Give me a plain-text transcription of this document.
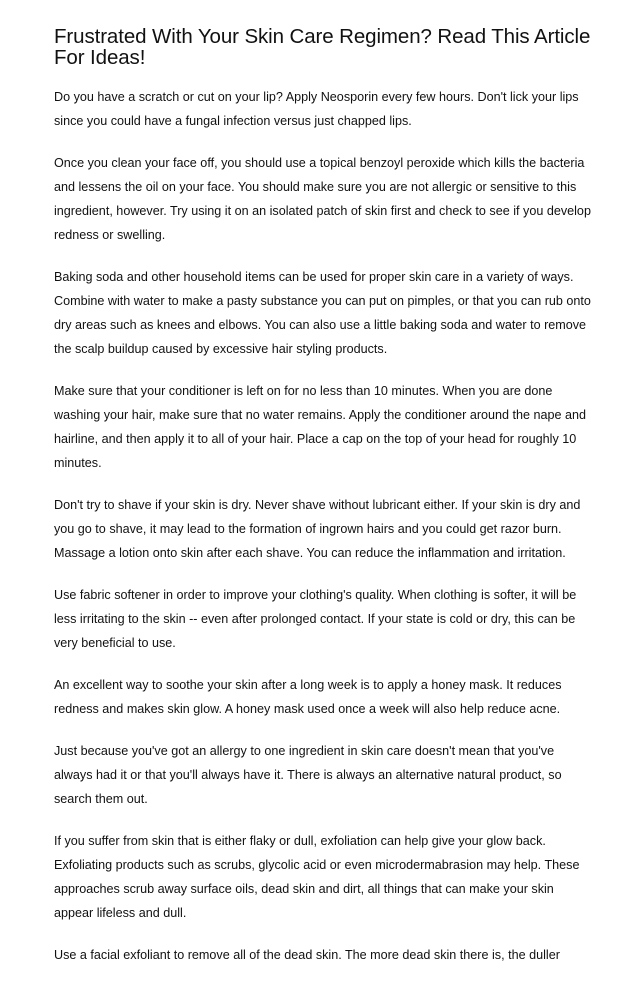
Frustrated With Your Skin Care Regimen? Read This Article For Ideas!

Do you have a scratch or cut on your lip? Apply Neosporin every few hours. Don't lick your lips since you could have a fungal infection versus just chapped lips.

Once you clean your face off, you should use a topical benzoyl peroxide which kills the bacteria and lessens the oil on your face. You should make sure you are not allergic or sensitive to this ingredient, however. Try using it on an isolated patch of skin first and check to see if you develop redness or swelling.

Baking soda and other household items can be used for proper skin care in a variety of ways. Combine with water to make a pasty substance you can put on pimples, or that you can rub onto dry areas such as knees and elbows. You can also use a little baking soda and water to remove the scalp buildup caused by excessive hair styling products.

Make sure that your conditioner is left on for no less than 10 minutes. When you are done washing your hair, make sure that no water remains. Apply the conditioner around the nape and hairline, and then apply it to all of your hair. Place a cap on the top of your head for roughly 10 minutes.

Don't try to shave if your skin is dry. Never shave without lubricant either. If your skin is dry and you go to shave, it may lead to the formation of ingrown hairs and you could get razor burn. Massage a lotion onto skin after each shave. You can reduce the inflammation and irritation.

Use fabric softener in order to improve your clothing's quality. When clothing is softer, it will be less irritating to the skin -- even after prolonged contact. If your state is cold or dry, this can be very beneficial to use.

An excellent way to soothe your skin after a long week is to apply a honey mask. It reduces redness and makes skin glow. A honey mask used once a week will also help reduce acne.

Just because you've got an allergy to one ingredient in skin care doesn't mean that you've always had it or that you'll always have it. There is always an alternative natural product, so search them out.

If you suffer from skin that is either flaky or dull, exfoliation can help give your glow back. Exfoliating products such as scrubs, glycolic acid or even microdermabrasion may help. These approaches scrub away surface oils, dead skin and dirt, all things that can make your skin appear lifeless and dull.

Use a facial exfoliant to remove all of the dead skin. The more dead skin there is, the duller
